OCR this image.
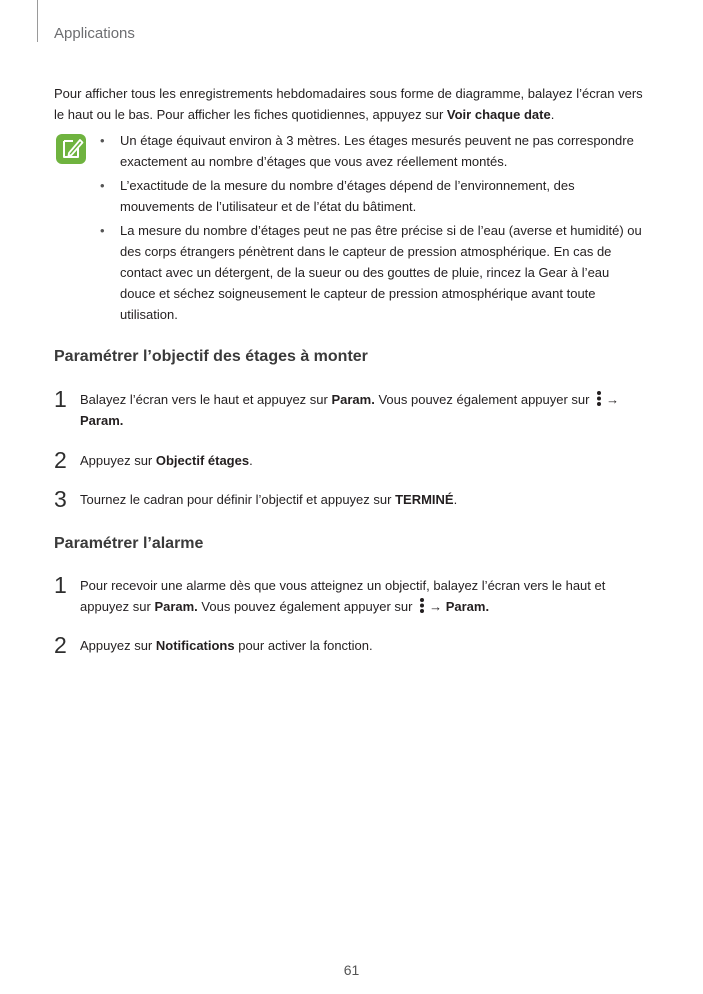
Applications

Pour afficher tous les enregistrements hebdomadaires sous forme de diagramme, balayez l’écran vers le haut ou le bas. Pour afficher les fiches quotidiennes, appuyez sur Voir chaque date.

• Un étage équivaut environ à 3 mètres. Les étages mesurés peuvent ne pas correspondre exactement au nombre d’étages que vous avez réellement montés.
• L’exactitude de la mesure du nombre d’étages dépend de l’environnement, des mouvements de l’utilisateur et de l’état du bâtiment.
• La mesure du nombre d’étages peut ne pas être précise si de l’eau (averse et humidité) ou des corps étrangers pénètrent dans le capteur de pression atmosphérique. En cas de contact avec un détergent, de la sueur ou des gouttes de pluie, rincez la Gear à l’eau douce et séchez soigneusement le capteur de pression atmosphérique avant toute utilisation.
Paramétrer l’objectif des étages à monter
1 Balayez l’écran vers le haut et appuyez sur Param. Vous pouvez également appuyer sur →
Param.
2 Appuyez sur Objectif étages.
3 Tournez le cadran pour définir l’objectif et appuyez sur TERMINÉ.
Paramétrer l’alarme
1 Pour recevoir une alarme dès que vous atteignez un objectif, balayez l’écran vers le haut et appuyez sur Param. Vous pouvez également appuyer sur → Param.
2 Appuyez sur Notifications pour activer la fonction.
61
